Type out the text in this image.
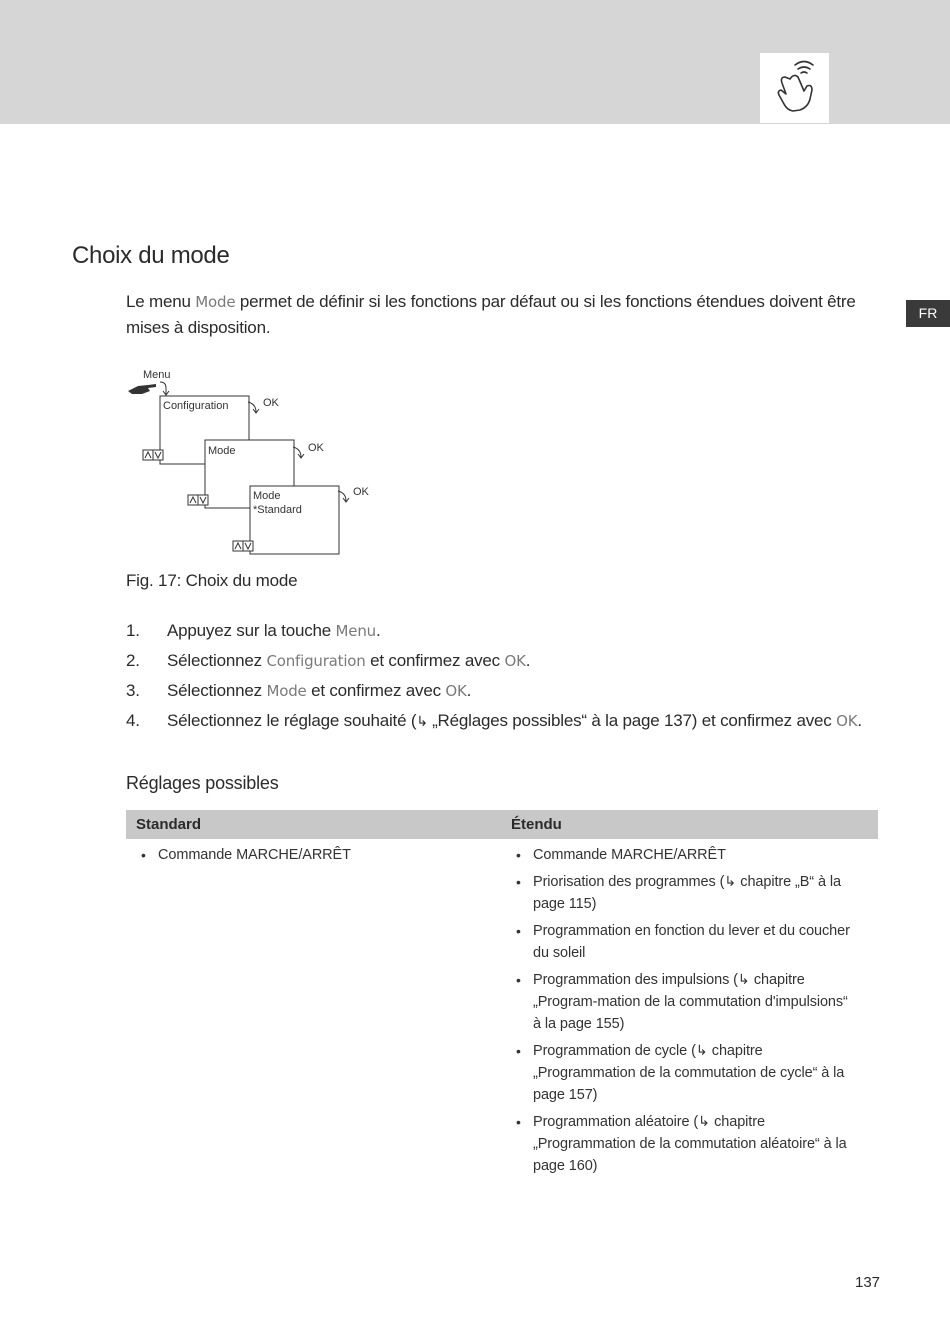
FR
Choix du mode
Le menu Mode permet de définir si les fonctions par défaut ou si les fonctions étendues doivent être mises à disposition.
Menu
Configuration	OK
Mode	OK
Mode
*Standard
OK
Fig. 17: Choix du mode
1. Appuyez sur la touche Menu.
2. Sélectionnez Configuration et confirmez avec OK.
3. Sélectionnez Mode et confirmez avec OK.
4. Sélectionnez le réglage souhaité (↳ „Réglages possibles“ à la page 137) et confirmez avec OK.
Réglages possibles
Standard	Étendu
• Commande MARCHE/ARRÊT
•	Commande MARCHE/ARRÊT
• Priorisation des programmes (↳ chapitre „B“ à la page 115)
• Programmation en fonction du lever et du coucher du soleil
• Programmation des impulsions (↳ chapitre „Program-mation de la commutation d'impulsions“ à la page 155)
• Programmation de cycle (↳ chapitre „Programmation de la commutation de cycle“ à la page 157)
• Programmation aléatoire (↳ chapitre „Programmation de la commutation aléatoire“ à la page 160)
137
